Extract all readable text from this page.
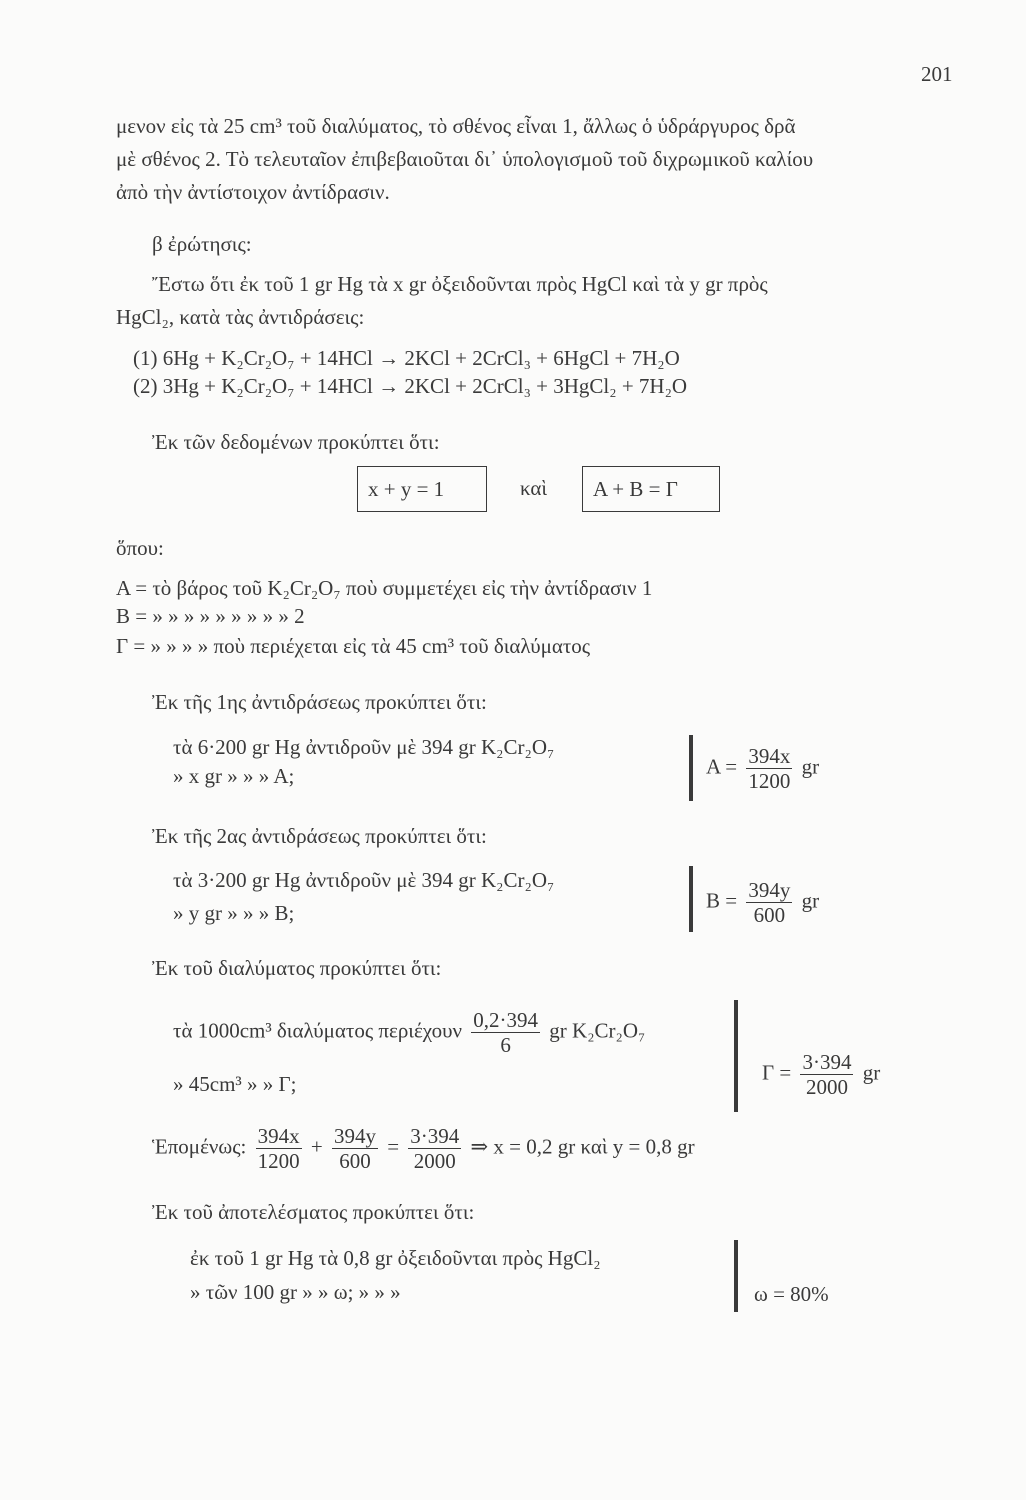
201
μενον εἰς τὰ 25 cm³ τοῦ διαλύματος, τὸ σθένος εἶναι 1, ἄλλως ὁ ὑδράργυρος δρᾶ
μὲ σθένος 2. Τὸ τελευταῖον ἐπιβεβαιοῦται δι᾿ ὑπολογισμοῦ τοῦ διχρωμικοῦ καλίου
ἀπὸ τὴν ἀντίστοιχον ἀντίδρασιν.
β ἐρώτησις:
Ἔστω ὅτι ἐκ τοῦ 1 gr Hg τὰ x gr ὀξειδοῦνται πρὸς HgCl καὶ τὰ y gr πρὸς
HgCl₂, κατὰ τὰς ἀντιδράσεις:
(1) 6Hg + K₂Cr₂O₇ + 14HCl → 2KCl + 2CrCl₃ + 6HgCl + 7H₂O
(2) 3Hg + K₂Cr₂O₇ + 14HCl → 2KCl + 2CrCl₃ + 3HgCl₂ + 7H₂O
Ἐκ τῶν δεδομένων προκύπτει ὅτι:
x + y = 1	καὶ A + B = Γ
ὅπου:
A = τὸ βάρος τοῦ K₂Cr₂O₇ ποὺ συμμετέχει εἰς τὴν ἀντίδρασιν 1
B = » » » » » » » » » 2
Γ = » » » » ποὺ περιέχεται εἰς τὰ 45 cm³ τοῦ διαλύματος
Ἐκ τῆς 1ης ἀντιδράσεως προκύπτει ὅτι:
τὰ 6·200 gr Hg ἀντιδροῦν μὲ 394 gr K₂Cr₂O₇
» x gr » » » A;	$A = \frac{394x}{1200}$ gr
Ἐκ τῆς 2ας ἀντιδράσεως προκύπτει ὅτι:
τὰ 3·200 gr Hg ἀντιδροῦν μὲ 394 gr K₂Cr₂O₇
» y gr » » » B;
$B = \frac{394y}{600}$ gr
Ἐκ τοῦ διαλύματος προκύπτει ὅτι:
τὰ 1000cm³ διαλύματος περιέχουν $\frac{0,2\cdot 394}{6}$ gr K₂Cr₂O₇
» 45cm³ » » Γ;	$\Gamma = \frac{3\cdot 394}{2000}$ gr
Ἑπομένως: $\frac{394x}{1200} + \frac{394y}{600} = \frac{3\cdot 394}{2000}$ ⇒ x = 0,2 gr καὶ y = 0,8 gr
Ἐκ τοῦ ἀποτελέσματος προκύπτει ὅτι:
ἐκ τοῦ 1 gr Hg τὰ 0,8 gr ὀξειδοῦνται πρὸς HgCl₂
» τῶν 100 gr » » ω; » » »	ω = 80%
